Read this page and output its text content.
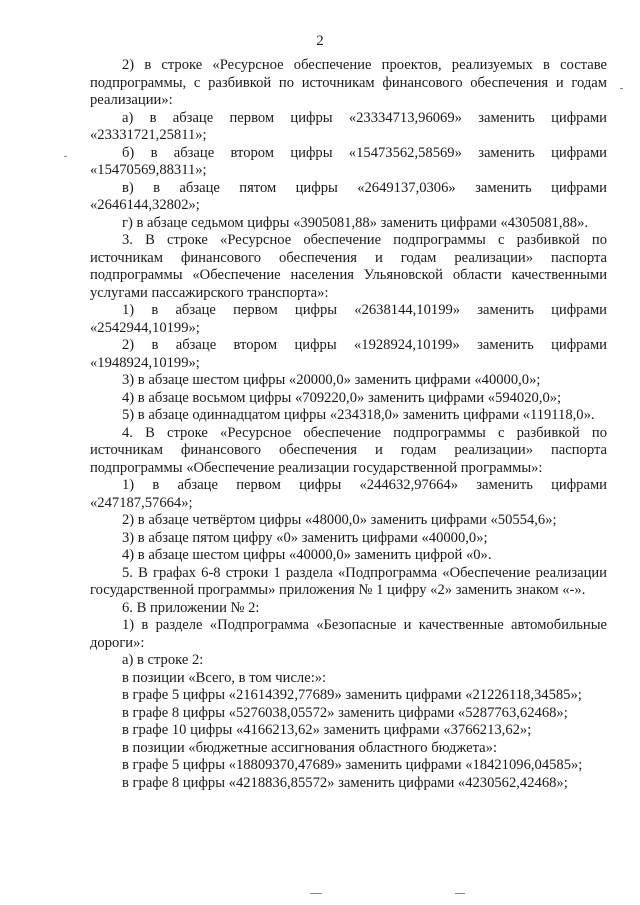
2

2) в строке «Ресурсное обеспечение проектов, реализуемых в составе подпрограммы, с разбивкой по источникам финансового обеспечения и годам реализации»:

а) в абзаце первом цифры «23334713,96069» заменить цифрами «23331721,25811»;

б) в абзаце втором цифры «15473562,58569» заменить цифрами «15470569,88311»;

в) в абзаце пятом цифры «2649137,0306» заменить цифрами «2646144,32802»;

г) в абзаце седьмом цифры «3905081,88» заменить цифрами «4305081,88».

3. В строке «Ресурсное обеспечение подпрограммы с разбивкой по источникам финансового обеспечения и годам реализации» паспорта подпрограммы «Обеспечение населения Ульяновской области качественными услугами пассажирского транспорта»:

1) в абзаце первом цифры «2638144,10199» заменить цифрами «2542944,10199»;

2) в абзаце втором цифры «1928924,10199» заменить цифрами «1948924,10199»;

3) в абзаце шестом цифры «20000,0» заменить цифрами «40000,0»;

4) в абзаце восьмом цифры «709220,0» заменить цифрами «594020,0»;

5) в абзаце одиннадцатом цифры «234318,0» заменить цифрами «119118,0».

4. В строке «Ресурсное обеспечение подпрограммы с разбивкой по источникам финансового обеспечения и годам реализации» паспорта подпрограммы «Обеспечение реализации государственной программы»:

1) в абзаце первом цифры «244632,97664» заменить цифрами «247187,57664»;

2) в абзаце четвёртом цифры «48000,0» заменить цифрами «50554,6»;

3) в абзаце пятом цифру «0» заменить цифрами «40000,0»;

4) в абзаце шестом цифры «40000,0» заменить цифрой «0».

5. В графах 6-8 строки 1 раздела «Подпрограмма «Обеспечение реализации государственной программы» приложения № 1 цифру «2» заменить знаком «-».

6. В приложении № 2:

1) в разделе «Подпрограмма «Безопасные и качественные автомобильные дороги»:

а) в строке 2:

в позиции «Всего, в том числе:»:

в графе 5 цифры «21614392,77689» заменить цифрами «21226118,34585»;

в графе 8 цифры «5276038,05572» заменить цифрами «5287763,62468»;

в графе 10 цифры «4166213,62» заменить цифрами «3766213,62»;

в позиции «бюджетные ассигнования областного бюджета»:

в графе 5 цифры «18809370,47689» заменить цифрами «18421096,04585»;

в графе 8 цифры «4218836,85572» заменить цифрами «4230562,42468»;
